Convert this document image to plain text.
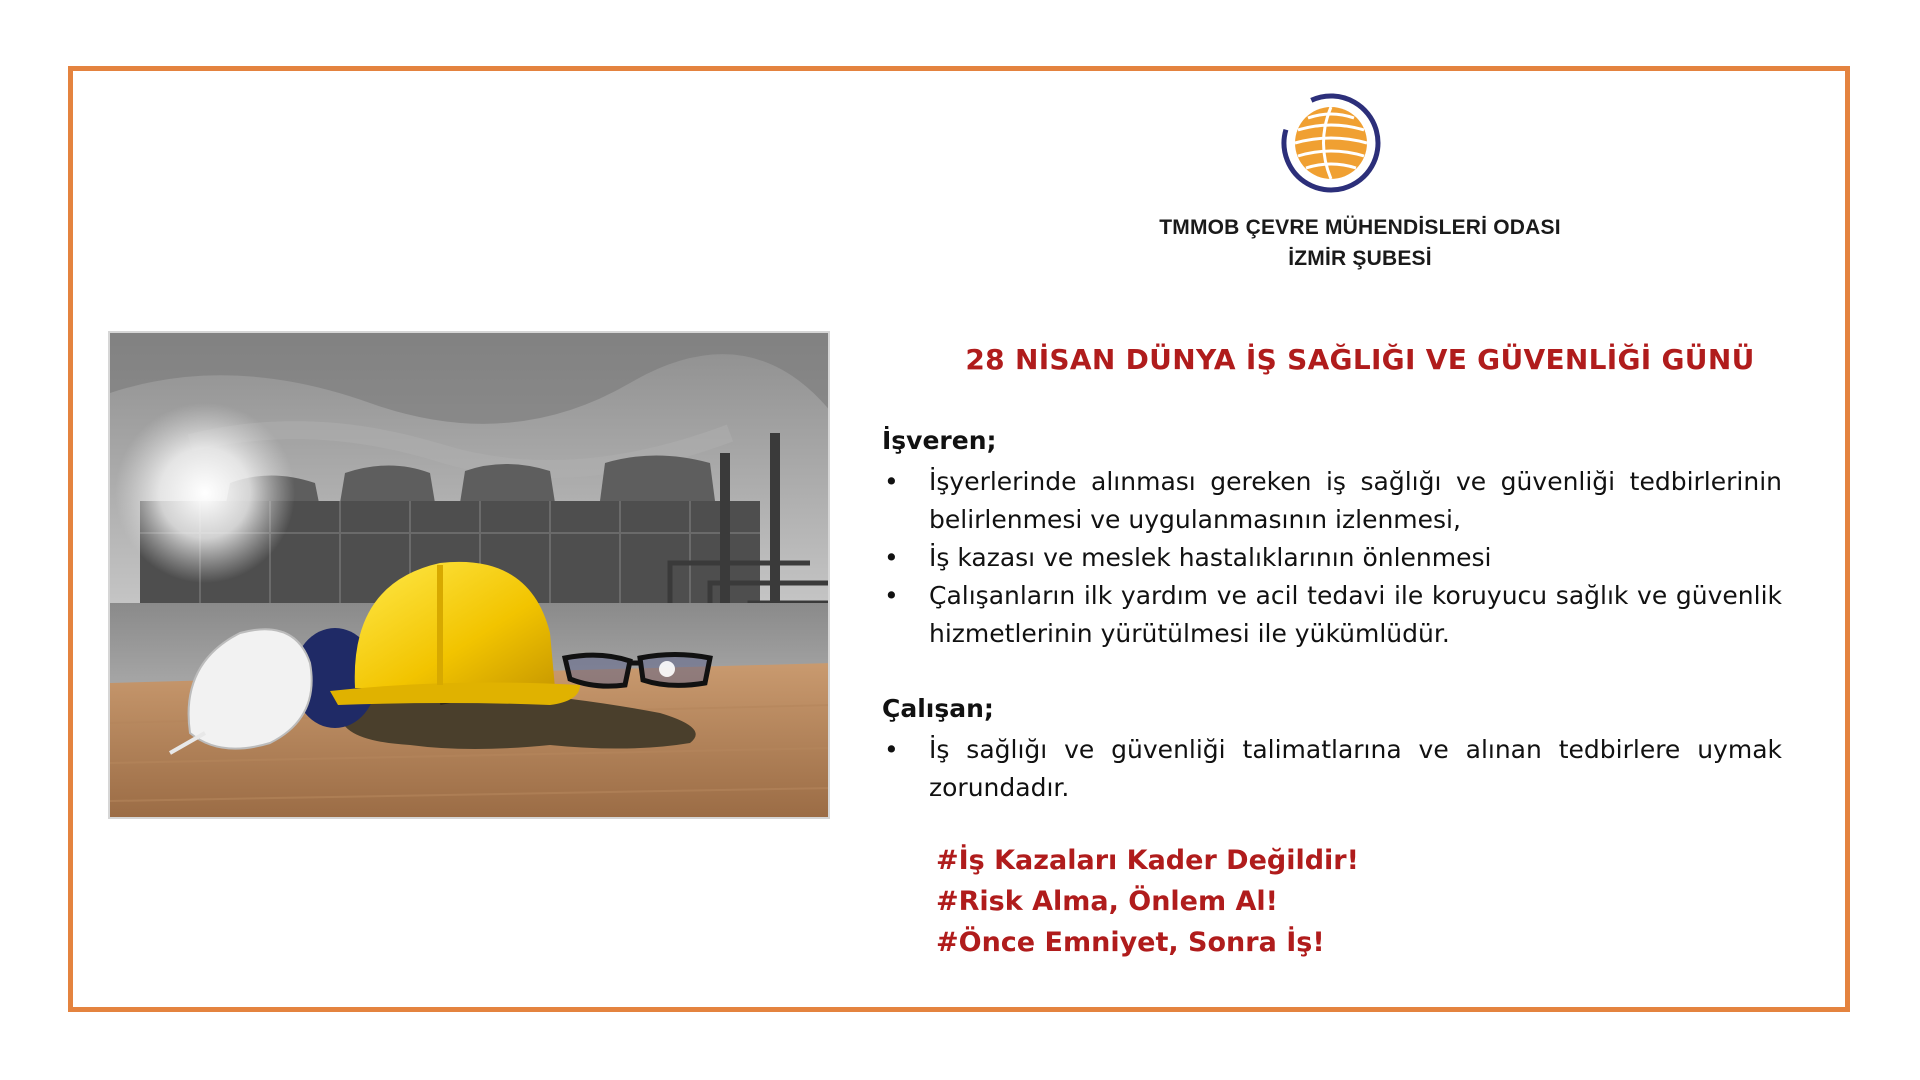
TMMOB ÇEVRE MÜHENDİSLERİ ODASI
İZMİR ŞUBESİ
28 NİSAN DÜNYA İŞ SAĞLIĞI VE GÜVENLİĞİ GÜNÜ
İşveren;
• İşyerlerinde alınması gereken iş sağlığı ve güvenliği tedbirlerinin belirlenmesi ve uygulanmasının izlenmesi,
• İş kazası ve meslek hastalıklarının önlenmesi
• Çalışanların ilk yardım ve acil tedavi ile koruyucu sağlık ve güvenlik hizmetlerinin yürütülmesi ile yükümlüdür.
Çalışan;
• İş sağlığı ve güvenliği talimatlarına ve alınan tedbirlere uymak zorundadır.
#İş Kazaları Kader Değildir!
#Risk Alma, Önlem Al!
#Önce Emniyet, Sonra İş!
